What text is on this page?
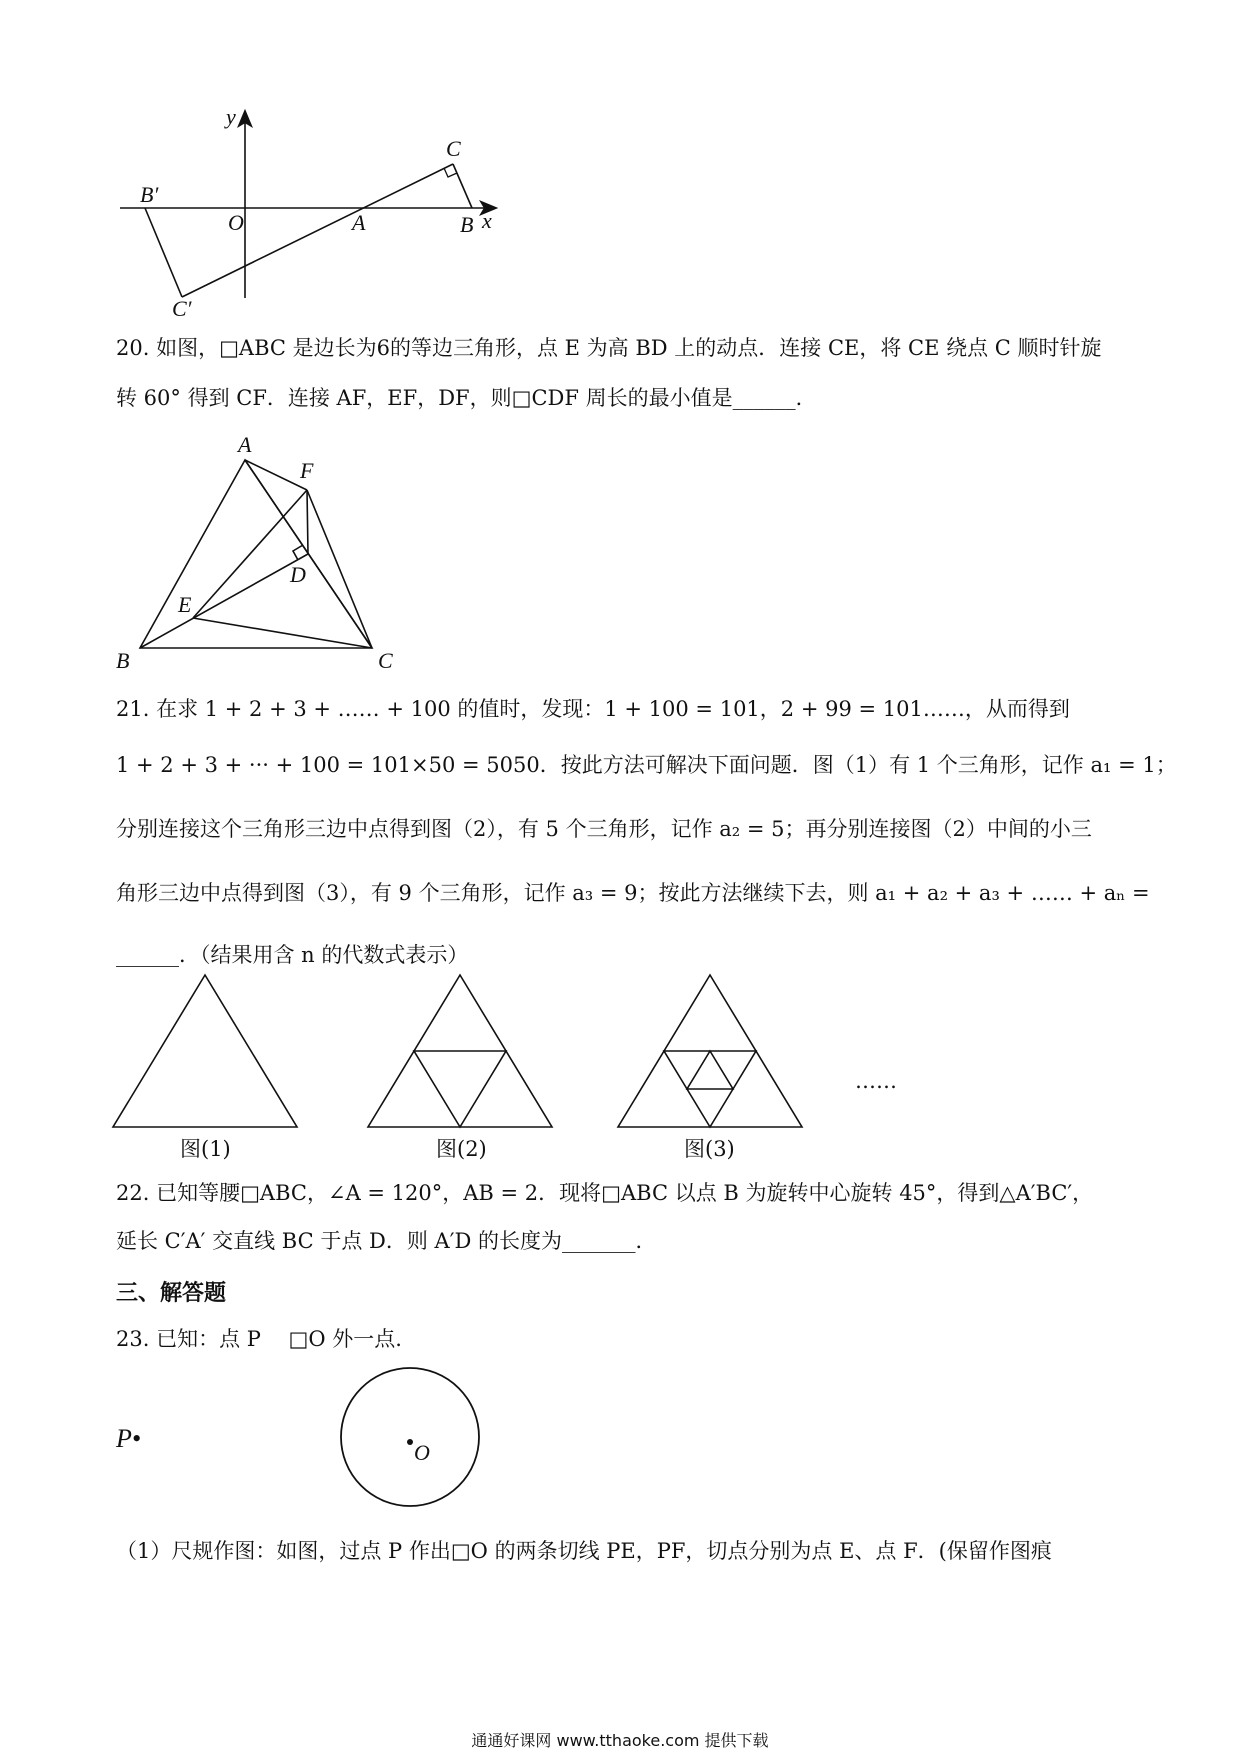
y
C
B′
O	A	B x
C′
20. 如图，□ABC 是边长为6的等边三角形，点 E 为高 BD 上的动点．连接 CE，将 CE 绕点 C 顺时针旋
转 60° 得到 CF．连接 AF，EF，DF，则□CDF 周长的最小值是______．
A
F
D
E
B	C
21. 在求 1 + 2 + 3 + …… + 100 的值时，发现：1 + 100 = 101，2 + 99 = 101……，从而得到
1 + 2 + 3 + ··· + 100 = 101×50 = 5050．按此方法可解决下面问题．图（1）有 1 个三角形，记作 a₁ = 1；
分别连接这个三角形三边中点得到图（2），有 5 个三角形，记作 a₂ = 5；再分别连接图（2）中间的小三
角形三边中点得到图（3），有 9 个三角形，记作 a₃ = 9；按此方法继续下去，则 a₁ + a₂ + a₃ + …… + aₙ =
______．（结果用含 n 的代数式表示）
图(1)	图(2)	图(3)
……
22. 已知等腰□ABC，∠A = 120°，AB = 2．现将□ABC 以点 B 为旋转中心旋转 45°，得到△A′BC′，
延长 C′A′ 交直线 BC 于点 D．则 A′D 的长度为_______．
三、解答题
23. 已知：点 P 　□O 外一点.
P•	O
（1）尺规作图：如图，过点 P 作出□O 的两条切线 PE，PF，切点分别为点 E、点 F．(保留作图痕
通通好课网 www.tthaoke.com 提供下载
